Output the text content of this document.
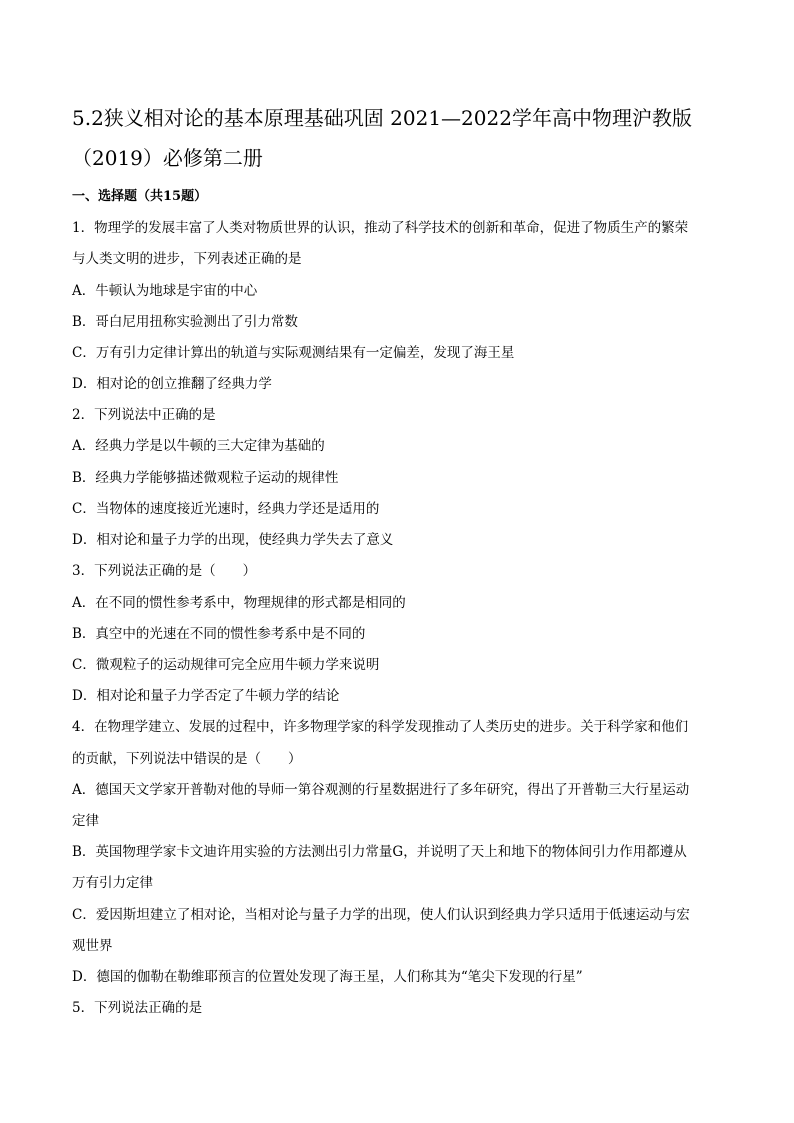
5.2狭义相对论的基本原理基础巩固 2021—2022学年高中物理沪教版
（2019）必修第二册
一、选择题（共15题）
1．物理学的发展丰富了人类对物质世界的认识，推动了科学技术的创新和革命，促进了物质生产的繁荣
与人类文明的进步，下列表述正确的是
A．牛顿认为地球是宇宙的中心
B．哥白尼用扭称实验测出了引力常数
C．万有引力定律计算出的轨道与实际观测结果有一定偏差，发现了海王星
D．相对论的创立推翻了经典力学
2．下列说法中正确的是
A．经典力学是以牛顿的三大定律为基础的
B．经典力学能够描述微观粒子运动的规律性
C．当物体的速度接近光速时，经典力学还是适用的
D．相对论和量子力学的出现，使经典力学失去了意义
3．下列说法正确的是（　　）
A．在不同的惯性参考系中，物理规律的形式都是相同的
B．真空中的光速在不同的惯性参考系中是不同的
C．微观粒子的运动规律可完全应用牛顿力学来说明
D．相对论和量子力学否定了牛顿力学的结论
4．在物理学建立、发展的过程中，许多物理学家的科学发现推动了人类历史的进步。关于科学家和他们
的贡献，下列说法中错误的是（　　）
A．德国天文学家开普勒对他的导师一第谷观测的行星数据进行了多年研究，得出了开普勒三大行星运动
定律
B．英国物理学家卡文迪许用实验的方法测出引力常量G，并说明了天上和地下的物体间引力作用都遵从
万有引力定律
C．爱因斯坦建立了相对论，当相对论与量子力学的出现，使人们认识到经典力学只适用于低速运动与宏
观世界
D．德国的伽勒在勒维耶预言的位置处发现了海王星，人们称其为“笔尖下发现的行星”
5．下列说法正确的是
